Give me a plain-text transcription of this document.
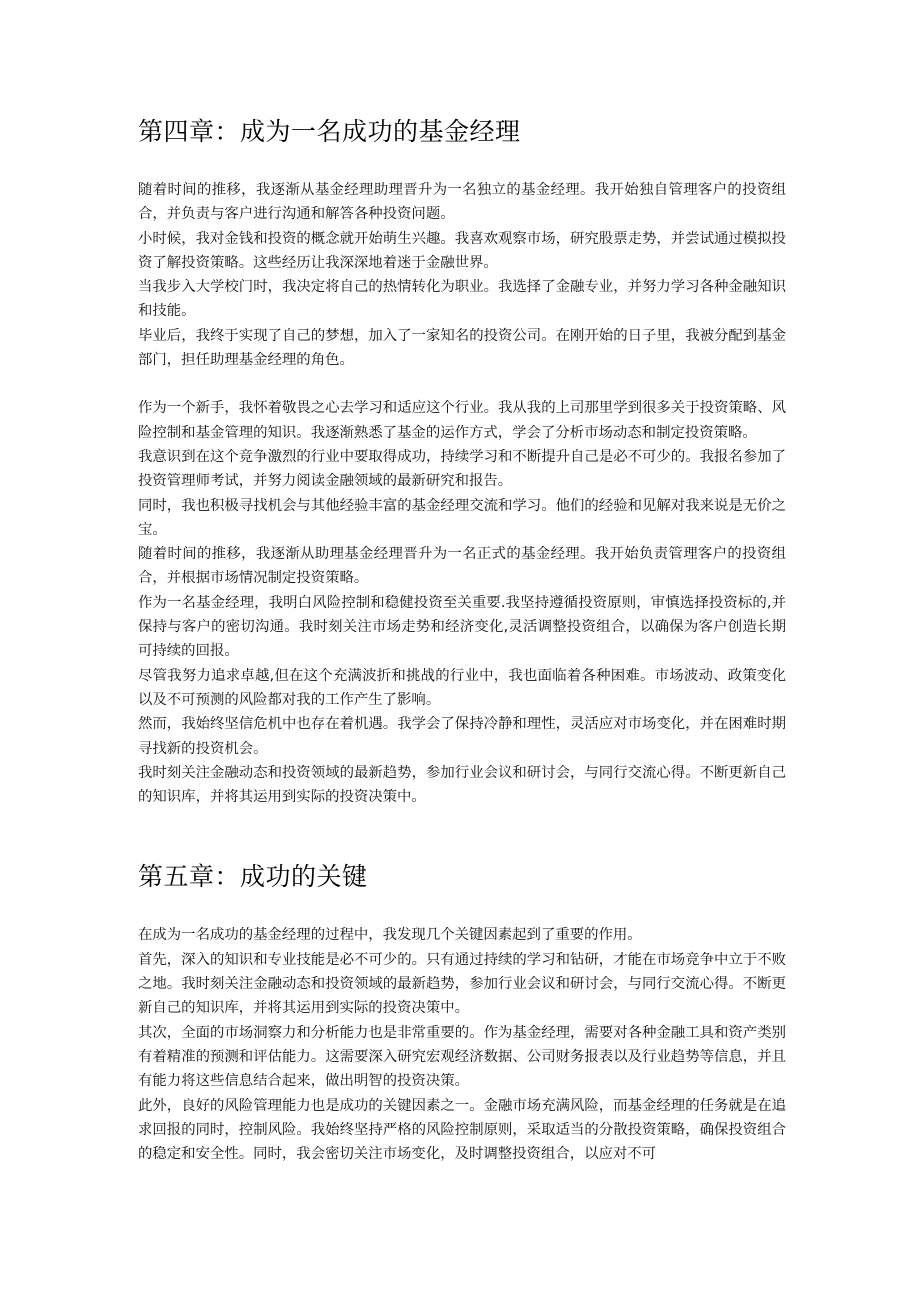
第四章：成为一名成功的基金经理

随着时间的推移，我逐渐从基金经理助理晋升为一名独立的基金经理。我开始独自管理客户的投资组合，并负责与客户进行沟通和解答各种投资问题。

小时候，我对金钱和投资的概念就开始萌生兴趣。我喜欢观察市场，研究股票走势，并尝试通过模拟投资了解投资策略。这些经历让我深深地着迷于金融世界。

当我步入大学校门时，我决定将自己的热情转化为职业。我选择了金融专业，并努力学习各种金融知识和技能。

毕业后，我终于实现了自己的梦想，加入了一家知名的投资公司。在刚开始的日子里，我被分配到基金部门，担任助理基金经理的角色。

作为一个新手，我怀着敬畏之心去学习和适应这个行业。我从我的上司那里学到很多关于投资策略、风险控制和基金管理的知识。我逐渐熟悉了基金的运作方式，学会了分析市场动态和制定投资策略。

我意识到在这个竞争激烈的行业中要取得成功，持续学习和不断提升自己是必不可少的。我报名参加了投资管理师考试，并努力阅读金融领域的最新研究和报告。

同时，我也积极寻找机会与其他经验丰富的基金经理交流和学习。他们的经验和见解对我来说是无价之宝。

随着时间的推移，我逐渐从助理基金经理晋升为一名正式的基金经理。我开始负责管理客户的投资组合，并根据市场情况制定投资策略。

作为一名基金经理，我明白风险控制和稳健投资至关重要.我坚持遵循投资原则，审慎选择投资标的,并保持与客户的密切沟通。我时刻关注市场走势和经济变化,灵活调整投资组合，以确保为客户创造长期可持续的回报。

尽管我努力追求卓越,但在这个充满波折和挑战的行业中，我也面临着各种困难。市场波动、政策变化以及不可预测的风险都对我的工作产生了影响。

然而，我始终坚信危机中也存在着机遇。我学会了保持冷静和理性，灵活应对市场变化，并在困难时期寻找新的投资机会。

我时刻关注金融动态和投资领域的最新趋势，参加行业会议和研讨会，与同行交流心得。不断更新自己的知识库，并将其运用到实际的投资决策中。

第五章：成功的关键

在成为一名成功的基金经理的过程中，我发现几个关键因素起到了重要的作用。

首先，深入的知识和专业技能是必不可少的。只有通过持续的学习和钻研，才能在市场竞争中立于不败之地。我时刻关注金融动态和投资领域的最新趋势，参加行业会议和研讨会，与同行交流心得。不断更新自己的知识库，并将其运用到实际的投资决策中。

其次，全面的市场洞察力和分析能力也是非常重要的。作为基金经理，需要对各种金融工具和资产类别有着精准的预测和评估能力。这需要深入研究宏观经济数据、公司财务报表以及行业趋势等信息，并且有能力将这些信息结合起来，做出明智的投资决策。

此外，良好的风险管理能力也是成功的关键因素之一。金融市场充满风险，而基金经理的任务就是在追求回报的同时，控制风险。我始终坚持严格的风险控制原则，采取适当的分散投资策略，确保投资组合的稳定和安全性。同时，我会密切关注市场变化，及时调整投资组合，以应对不可
